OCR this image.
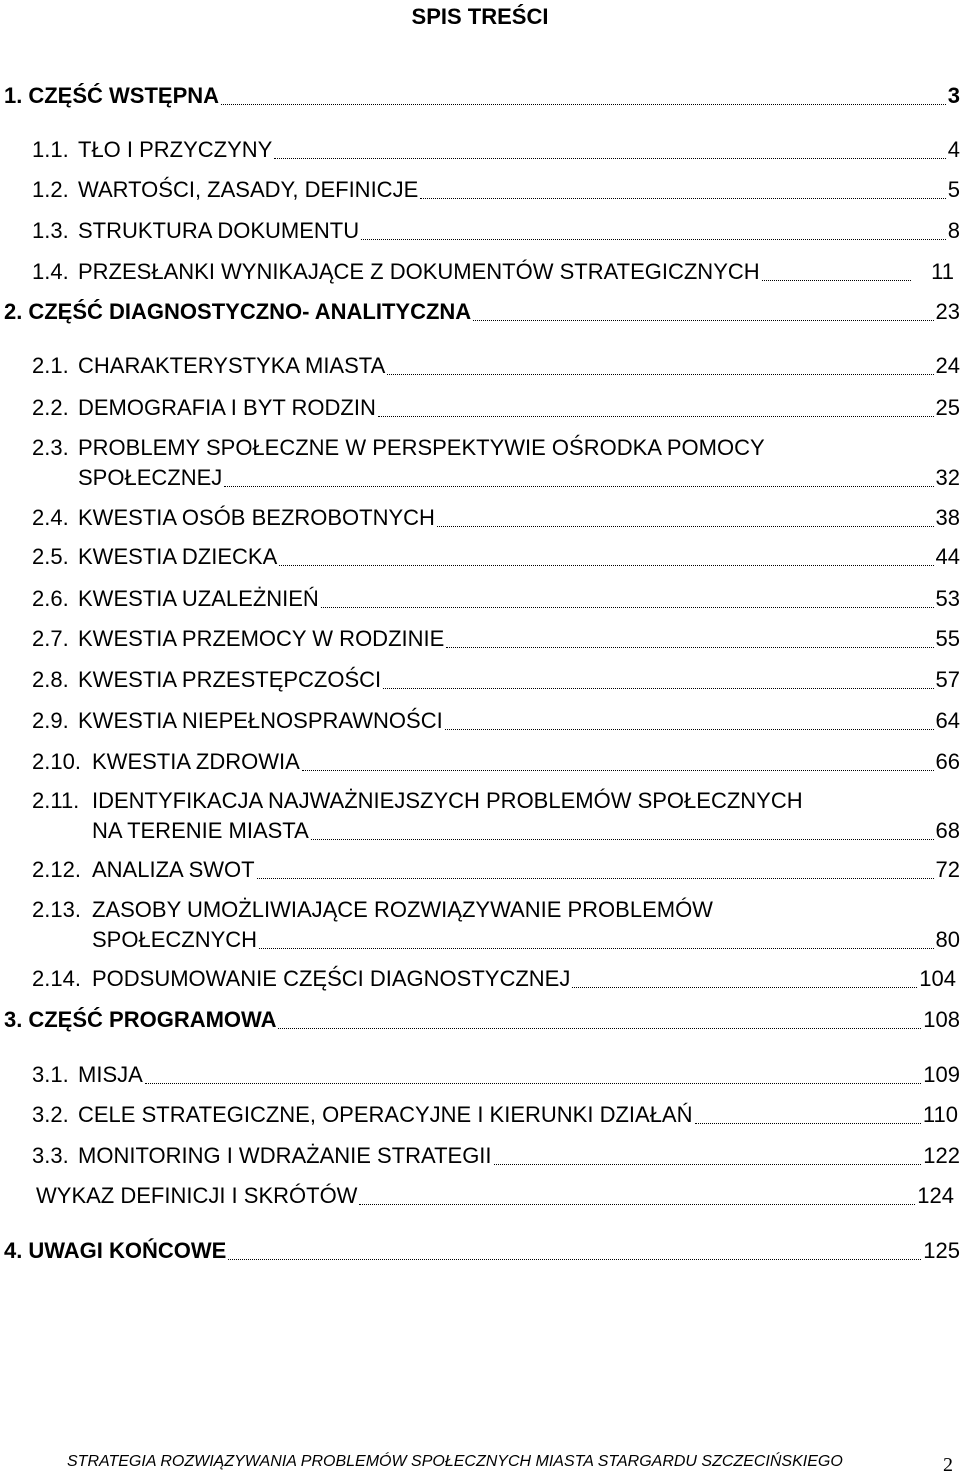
SPIS TREŚCI
1. CZĘŚĆ WSTĘPNA	3
1.1. TŁO I PRZYCZYNY	4
1.2. WARTOŚCI, ZASADY, DEFINICJE	5
1.3. STRUKTURA DOKUMENTU	8
1.4. PRZESŁANKI WYNIKAJĄCE Z DOKUMENTÓW STRATEGICZNYCH	11
2. CZĘŚĆ DIAGNOSTYCZNO- ANALITYCZNA	23
2.1. CHARAKTERYSTYKA MIASTA	24
2.2. DEMOGRAFIA I BYT RODZIN	25
2.3. PROBLEMY SPOŁECZNE W PERSPEKTYWIE OŚRODKA POMOCY
SPOŁECZNEJ	32
2.4. KWESTIA OSÓB BEZROBOTNYCH	38
2.5. KWESTIA DZIECKA	44
2.6. KWESTIA UZALEŻNIEŃ	53
2.7. KWESTIA PRZEMOCY W RODZINIE	55
2.8. KWESTIA PRZESTĘPCZOŚCI	57
2.9. KWESTIA NIEPEŁNOSPRAWNOŚCI	64
2.10. KWESTIA ZDROWIA	66
2.11. IDENTYFIKACJA NAJWAŻNIEJSZYCH PROBLEMÓW SPOŁECZNYCH
NA TERENIE MIASTA	68
2.12. ANALIZA SWOT	72
2.13. ZASOBY UMOŻLIWIAJĄCE ROZWIĄZYWANIE PROBLEMÓW
SPOŁECZNYCH	80
2.14. PODSUMOWANIE CZĘŚCI DIAGNOSTYCZNEJ	104
3. CZĘŚĆ PROGRAMOWA	108
3.1. MISJA	109
3.2. CELE STRATEGICZNE, OPERACYJNE I KIERUNKI DZIAŁAŃ	110
3.3. MONITORING I WDRAŻANIE STRATEGII	122
WYKAZ DEFINICJI I SKRÓTÓW	124
4. UWAGI KOŃCOWE	125
STRATEGIA ROZWIĄZYWANIA PROBLEMÓW SPOŁECZNYCH MIASTA STARGARDU SZCZECIŃSKIEGO	2
